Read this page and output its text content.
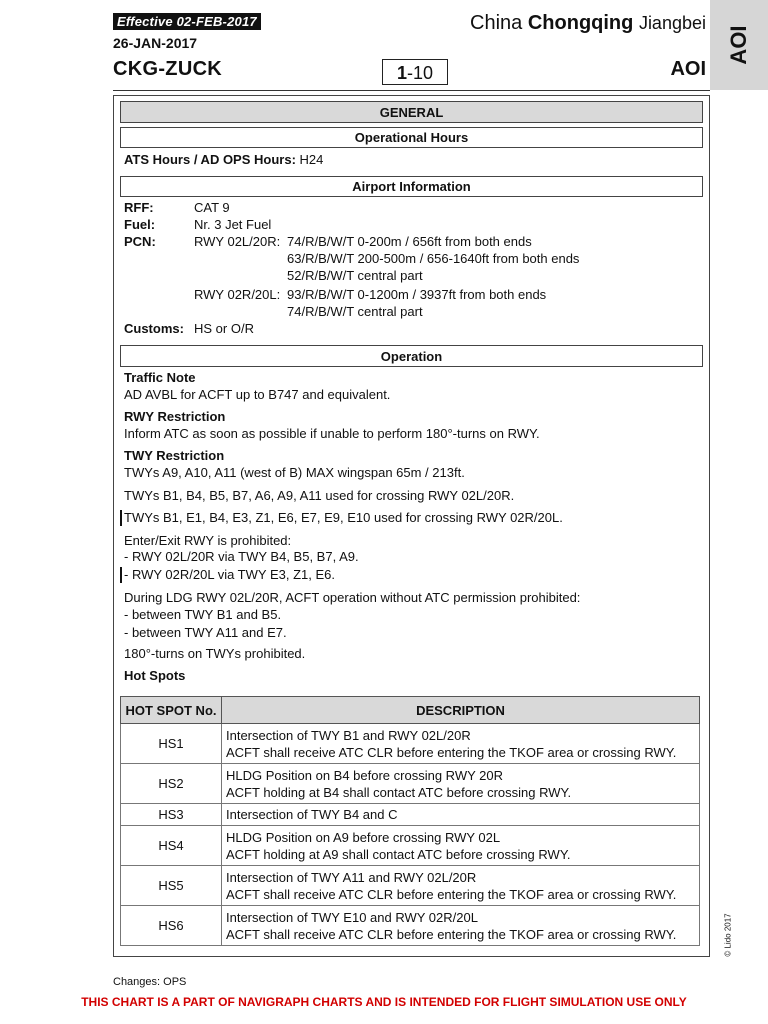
Effective 02-FEB-2017
26-JAN-2017
CKG-ZUCK
China Chongqing Jiangbei
1-10	AOI
AOI
GENERAL
Operational Hours
ATS Hours / AD OPS Hours: H24
Airport Information
RFF:	CAT 9
Fuel:	Nr. 3 Jet Fuel
PCN:	RWY 02L/20R: 74/R/B/W/T 0-200m / 656ft from both ends
63/R/B/W/T 200-500m / 656-1640ft from both ends
52/R/B/W/T central part
RWY 02R/20L: 93/R/B/W/T 0-1200m / 3937ft from both ends
74/R/B/W/T central part
Customs: HS or O/R
Operation
Traffic Note
AD AVBL for ACFT up to B747 and equivalent.
RWY Restriction
Inform ATC as soon as possible if unable to perform 180°-turns on RWY.
TWY Restriction
TWYs A9, A10, A11 (west of B) MAX wingspan 65m / 213ft.
TWYs B1, B4, B5, B7, A6, A9, A11 used for crossing RWY 02L/20R.
TWYs B1, E1, B4, E3, Z1, E6, E7, E9, E10 used for crossing RWY 02R/20L.
Enter/Exit RWY is prohibited:
- RWY 02L/20R via TWY B4, B5, B7, A9.
- RWY 02R/20L via TWY E3, Z1, E6.
During LDG RWY 02L/20R, ACFT operation without ATC permission prohibited:
- between TWY B1 and B5.
- between TWY A11 and E7.
180°-turns on TWYs prohibited.
Hot Spots
HOT SPOT No.	DESCRIPTION
HS1	Intersection of TWY B1 and RWY 02L/20R
ACFT shall receive ATC CLR before entering the TKOF area or crossing RWY.

HS2	HLDG Position on B4 before crossing RWY 20R
ACFT holding at B4 shall contact ATC before crossing RWY.

HS3	Intersection of TWY B4 and C

HS4	HLDG Position on A9 before crossing RWY 02L
ACFT holding at A9 shall contact ATC before crossing RWY.

HS5	Intersection of TWY A11 and RWY 02L/20R
ACFT shall receive ATC CLR before entering the TKOF area or crossing RWY.

HS6	Intersection of TWY E10 and RWY 02R/20L
ACFT shall receive ATC CLR before entering the TKOF area or crossing RWY.	© Lido 2017
Changes: OPS
THIS CHART IS A PART OF NAVIGRAPH CHARTS AND IS INTENDED FOR FLIGHT SIMULATION USE ONLY
